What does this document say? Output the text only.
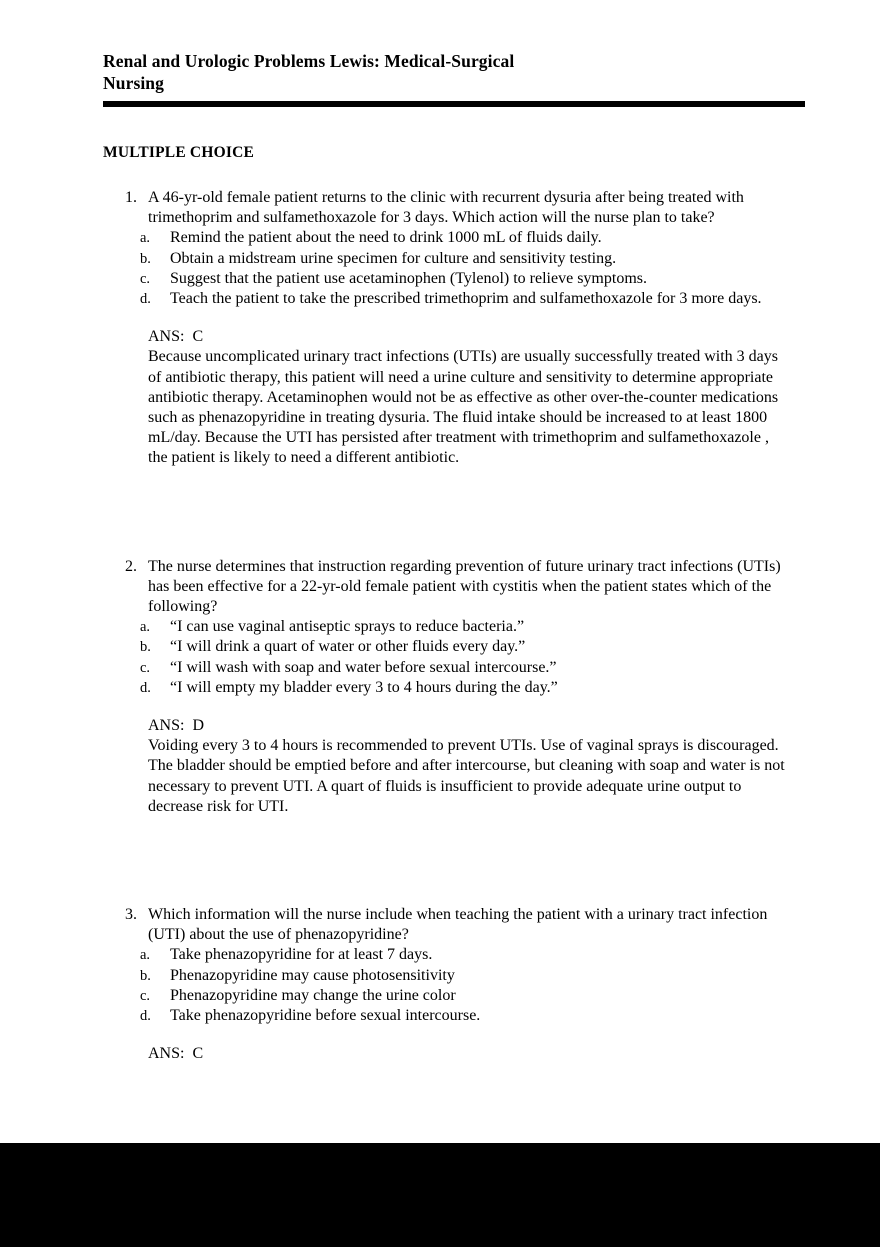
Renal and Urologic Problems Lewis: Medical-Surgical Nursing
MULTIPLE CHOICE
1. A 46-yr-old female patient returns to the clinic with recurrent dysuria after being treated with trimethoprim and sulfamethoxazole for 3 days. Which action will the nurse plan to take?
a.	Remind the patient about the need to drink 1000 mL of fluids daily.
b.	Obtain a midstream urine specimen for culture and sensitivity testing.
c.	Suggest that the patient use acetaminophen (Tylenol) to relieve symptoms.
d.	Teach the patient to take the prescribed trimethoprim and sulfamethoxazole for 3 more days.
ANS:  C
Because uncomplicated urinary tract infections (UTIs) are usually successfully treated with 3 days of antibiotic therapy, this patient will need a urine culture and sensitivity to determine appropriate antibiotic therapy. Acetaminophen would not be as effective as other over-the-counter medications such as phenazopyridine in treating dysuria. The fluid intake should be increased to at least 1800 mL/day. Because the UTI has persisted after treatment with trimethoprim and sulfamethoxazole , the patient is likely to need a different antibiotic.
2. The nurse determines that instruction regarding prevention of future urinary tract infections (UTIs) has been effective for a 22-yr-old female patient with cystitis when the patient states which of the following?
a.	“I can use vaginal antiseptic sprays to reduce bacteria.”
b.	“I will drink a quart of water or other fluids every day.”
c.	“I will wash with soap and water before sexual intercourse.”
d.	“I will empty my bladder every 3 to 4 hours during the day.”
ANS:  D
Voiding every 3 to 4 hours is recommended to prevent UTIs. Use of vaginal sprays is discouraged. The bladder should be emptied before and after intercourse, but cleaning with soap and water is not necessary to prevent UTI. A quart of fluids is insufficient to provide adequate urine output to decrease risk for UTI.
3. Which information will the nurse include when teaching the patient with a urinary tract infection (UTI) about the use of phenazopyridine?
a.	Take phenazopyridine for at least 7 days.
b.	Phenazopyridine may cause photosensitivity
c.	Phenazopyridine may change the urine color
d.	Take phenazopyridine before sexual intercourse.
ANS:  C
